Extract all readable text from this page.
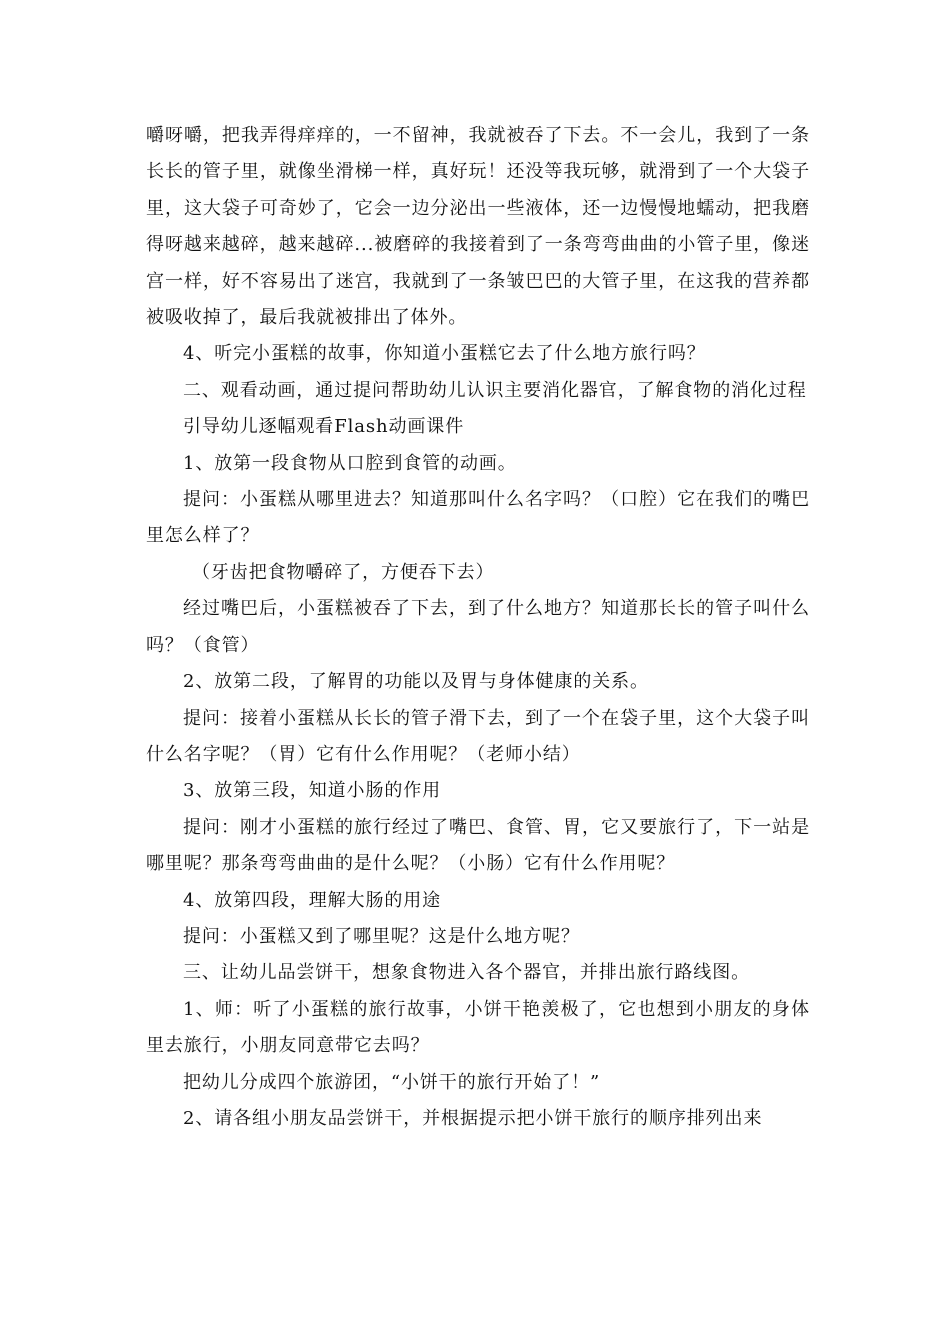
嚼呀嚼，把我弄得痒痒的，一不留神，我就被吞了下去。不一会儿，我到了一条长长的管子里，就像坐滑梯一样，真好玩！还没等我玩够，就滑到了一个大袋子里，这大袋子可奇妙了，它会一边分泌出一些液体，还一边慢慢地蠕动，把我磨得呀越来越碎，越来越碎...被磨碎的我接着到了一条弯弯曲曲的小管子里，像迷宫一样，好不容易出了迷宫，我就到了一条皱巴巴的大管子里，在这我的营养都被吸收掉了，最后我就被排出了体外。

4、听完小蛋糕的故事，你知道小蛋糕它去了什么地方旅行吗？

二、观看动画，通过提问帮助幼儿认识主要消化器官，了解食物的消化过程

引导幼儿逐幅观看Flash动画课件

1、放第一段食物从口腔到食管的动画。

提问：小蛋糕从哪里进去？知道那叫什么名字吗？（口腔）它在我们的嘴巴里怎么样了？

（牙齿把食物嚼碎了，方便吞下去）

经过嘴巴后，小蛋糕被吞了下去，到了什么地方？知道那长长的管子叫什么吗？（食管）

2、放第二段，了解胃的功能以及胃与身体健康的关系。

提问：接着小蛋糕从长长的管子滑下去，到了一个在袋子里，这个大袋子叫什么名字呢？（胃）它有什么作用呢？（老师小结）

3、放第三段，知道小肠的作用

提问：刚才小蛋糕的旅行经过了嘴巴、食管、胃，它又要旅行了，下一站是哪里呢？那条弯弯曲曲的是什么呢？（小肠）它有什么作用呢？

4、放第四段，理解大肠的用途

提问：小蛋糕又到了哪里呢？这是什么地方呢？

三、让幼儿品尝饼干，想象食物进入各个器官，并排出旅行路线图。

1、师：听了小蛋糕的旅行故事，小饼干艳羡极了，它也想到小朋友的身体里去旅行，小朋友同意带它去吗？

把幼儿分成四个旅游团，“小饼干的旅行开始了！”

2、请各组小朋友品尝饼干，并根据提示把小饼干旅行的顺序排列出来
